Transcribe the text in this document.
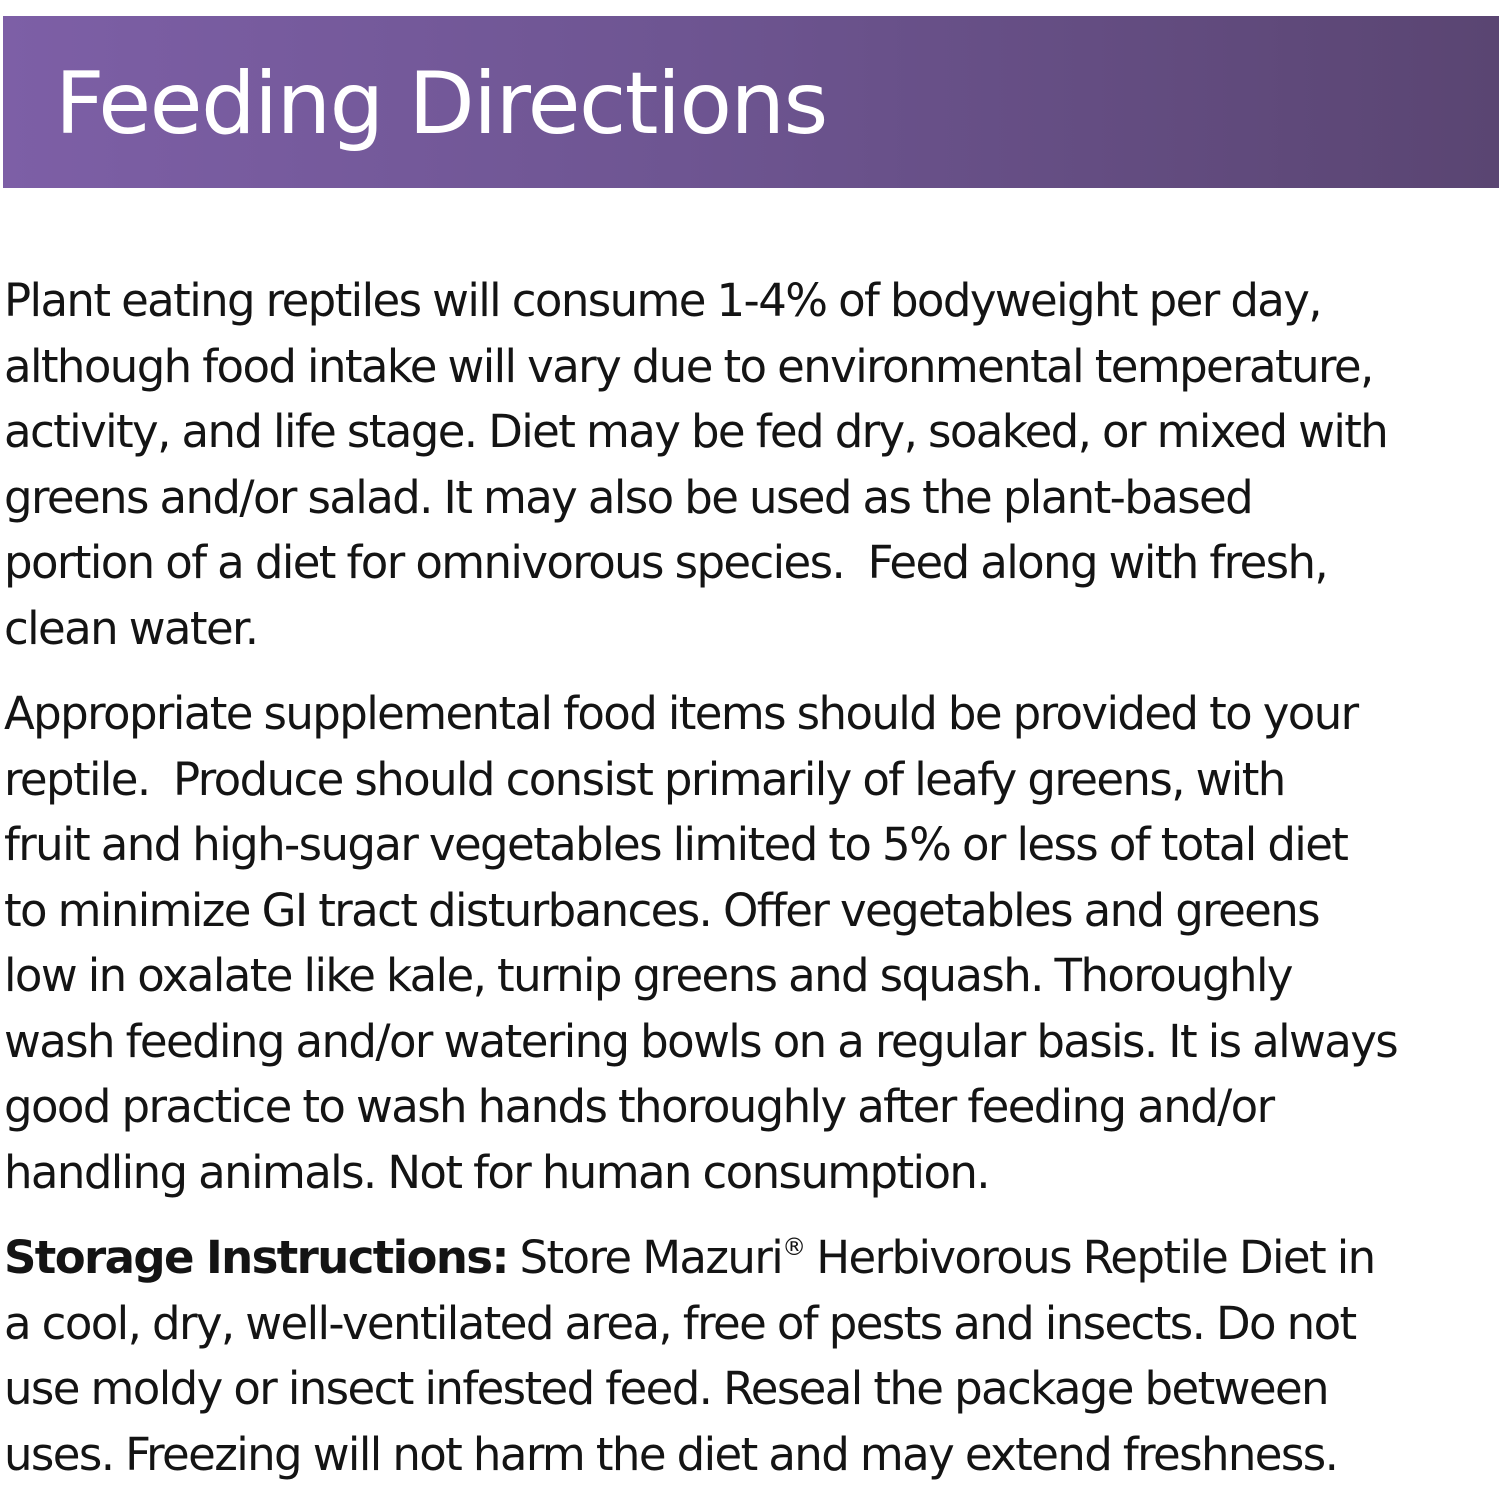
Feeding Directions
Plant eating reptiles will consume 1-4% of bodyweight per day,
although food intake will vary due to environmental temperature,
activity, and life stage. Diet may be fed dry, soaked, or mixed with
greens and/or salad. It may also be used as the plant-based
portion of a diet for omnivorous species.  Feed along with fresh,
clean water.
Appropriate supplemental food items should be provided to your
reptile.  Produce should consist primarily of leafy greens, with
fruit and high-sugar vegetables limited to 5% or less of total diet
to minimize GI tract disturbances. Offer vegetables and greens
low in oxalate like kale, turnip greens and squash. Thoroughly
wash feeding and/or watering bowls on a regular basis. It is always
good practice to wash hands thoroughly after feeding and/or
handling animals. Not for human consumption.
Storage Instructions: Store Mazuri® Herbivorous Reptile Diet in
a cool, dry, well-ventilated area, free of pests and insects. Do not
use moldy or insect infested feed. Reseal the package between
uses. Freezing will not harm the diet and may extend freshness.
